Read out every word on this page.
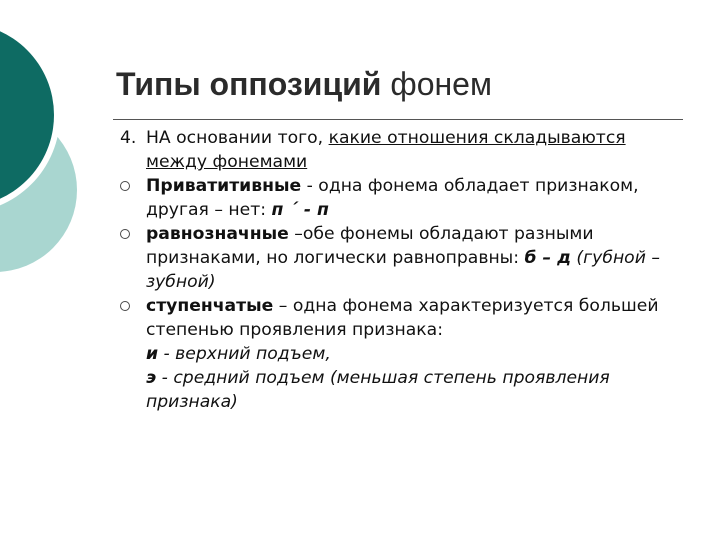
Типы оппозиций фонем
4. НА основании того, какие отношения складываются между фонемами
Приватитивные - одна фонема обладает признаком, другая – нет: п ´ - п
равнозначные –обе фонемы обладают разными признаками, но логически равноправны: б – д (губной – зубной)
ступенчатые – одна фонема характеризуется большей степенью проявления признака:
и - верхний подъем,
э - средний подъем (меньшая степень проявления признака)
